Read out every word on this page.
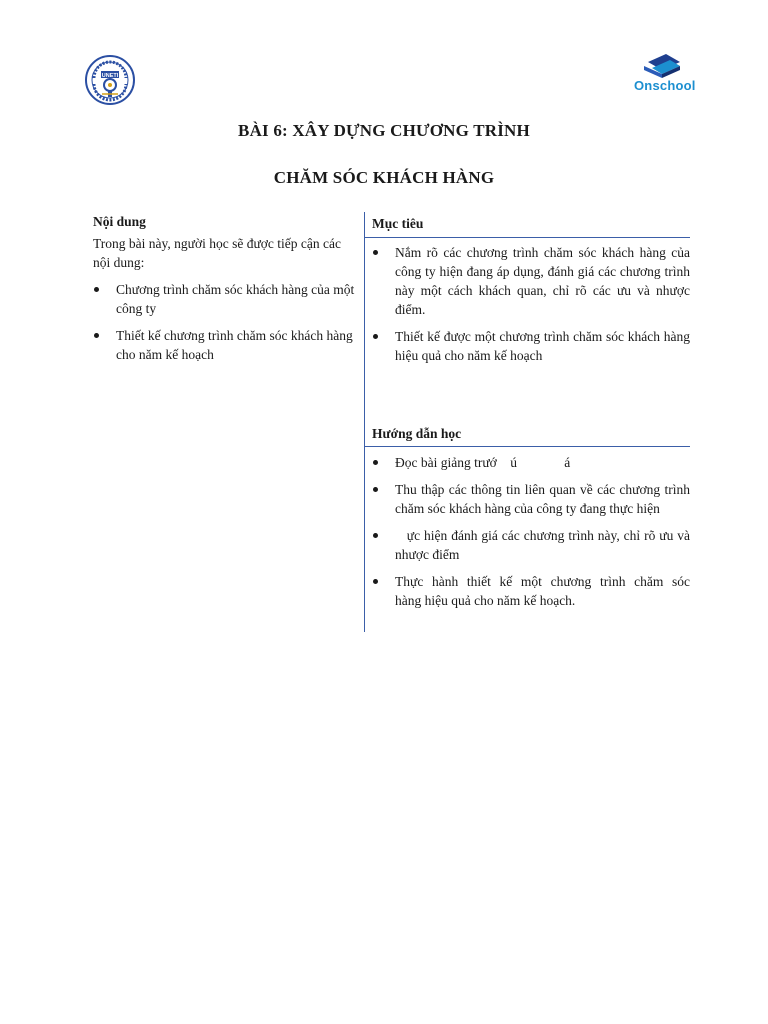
UNETI
Onschool
BÀI 6: XÂY DỰNG CHƯƠNG TRÌNH
CHĂM SÓC KHÁCH HÀNG
Nội dung

Trong bài này, người học sẽ được tiếp cận các nội dung:

Chương trình chăm sóc khách hàng của một công ty
Thiết kế chương trình chăm sóc khách hàng cho năm kế hoạch
Mục tiêu
Nắm rõ các chương trình chăm sóc khách hàng của công ty hiện đang áp dụng, đánh giá các chương trình này một cách khách quan, chỉ rõ các ưu và nhược điểm.
Thiết kế được một chương trình chăm sóc khách hàng hiệu quả cho năm kế hoạch
Hướng dẫn học
Đọc bài giảng trướ    ú              á
Thu thập các thông tin liên quan về các chương trình chăm sóc khách hàng của công ty đang thực hiện
ực hiện đánh giá các chương trình này, chỉ rõ ưu và nhược điểm
Thực hành thiết kế một chương trình chăm sóc           hàng hiệu quả cho năm kế hoạch.
